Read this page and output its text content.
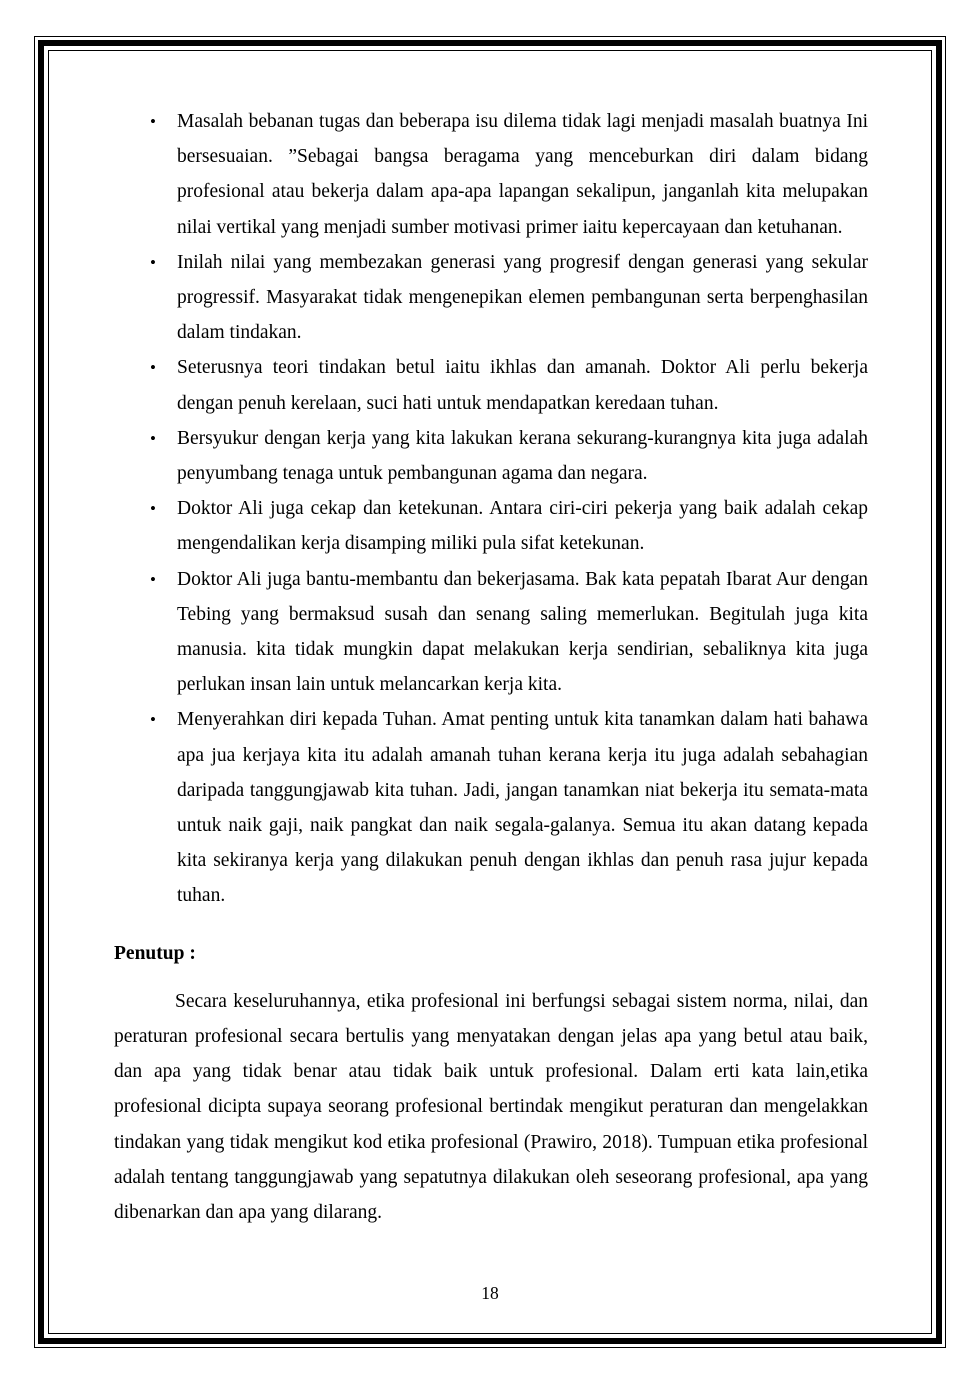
• Masalah bebanan tugas dan beberapa isu dilema tidak lagi menjadi masalah buatnya Ini bersesuaian. ”Sebagai bangsa beragama yang menceburkan diri dalam bidang profesional atau bekerja dalam apa-apa lapangan sekalipun, janganlah kita melupakan nilai vertikal yang menjadi sumber motivasi primer iaitu kepercayaan dan ketuhanan.
• Inilah nilai yang membezakan generasi yang progresif dengan generasi yang sekular progressif. Masyarakat tidak mengenepikan elemen pembangunan serta berpenghasilan dalam tindakan.
• Seterusnya teori tindakan betul iaitu ikhlas dan amanah. Doktor Ali perlu bekerja dengan penuh kerelaan, suci hati untuk mendapatkan keredaan tuhan.
• Bersyukur dengan kerja yang kita lakukan kerana sekurang-kurangnya kita juga adalah penyumbang tenaga untuk pembangunan agama dan negara.
• Doktor Ali juga cekap dan ketekunan. Antara ciri-ciri pekerja yang baik adalah cekap mengendalikan kerja disamping miliki pula sifat ketekunan.
• Doktor Ali juga bantu-membantu dan bekerjasama. Bak kata pepatah Ibarat Aur dengan Tebing yang bermaksud susah dan senang saling memerlukan. Begitulah juga kita manusia. kita tidak mungkin dapat melakukan kerja sendirian, sebaliknya kita juga perlukan insan lain untuk melancarkan kerja kita.
• Menyerahkan diri kepada Tuhan. Amat penting untuk kita tanamkan dalam hati bahawa apa jua kerjaya kita itu adalah amanah tuhan kerana kerja itu juga adalah sebahagian daripada tanggungjawab kita tuhan. Jadi, jangan tanamkan niat bekerja itu semata-mata untuk naik gaji, naik pangkat dan naik segala-galanya. Semua itu akan datang kepada kita sekiranya kerja yang dilakukan penuh dengan ikhlas dan penuh rasa jujur kepada tuhan.

Penutup :

Secara keseluruhannya, etika profesional ini berfungsi sebagai sistem norma, nilai, dan peraturan profesional secara bertulis yang menyatakan dengan jelas apa yang betul atau baik, dan apa yang tidak benar atau tidak baik untuk profesional. Dalam erti kata lain,etika profesional dicipta supaya seorang profesional bertindak mengikut peraturan dan mengelakkan tindakan yang tidak mengikut kod etika profesional (Prawiro, 2018). Tumpuan etika profesional adalah tentang tanggungjawab yang sepatutnya dilakukan oleh seseorang profesional, apa yang dibenarkan dan apa yang dilarang.

18
